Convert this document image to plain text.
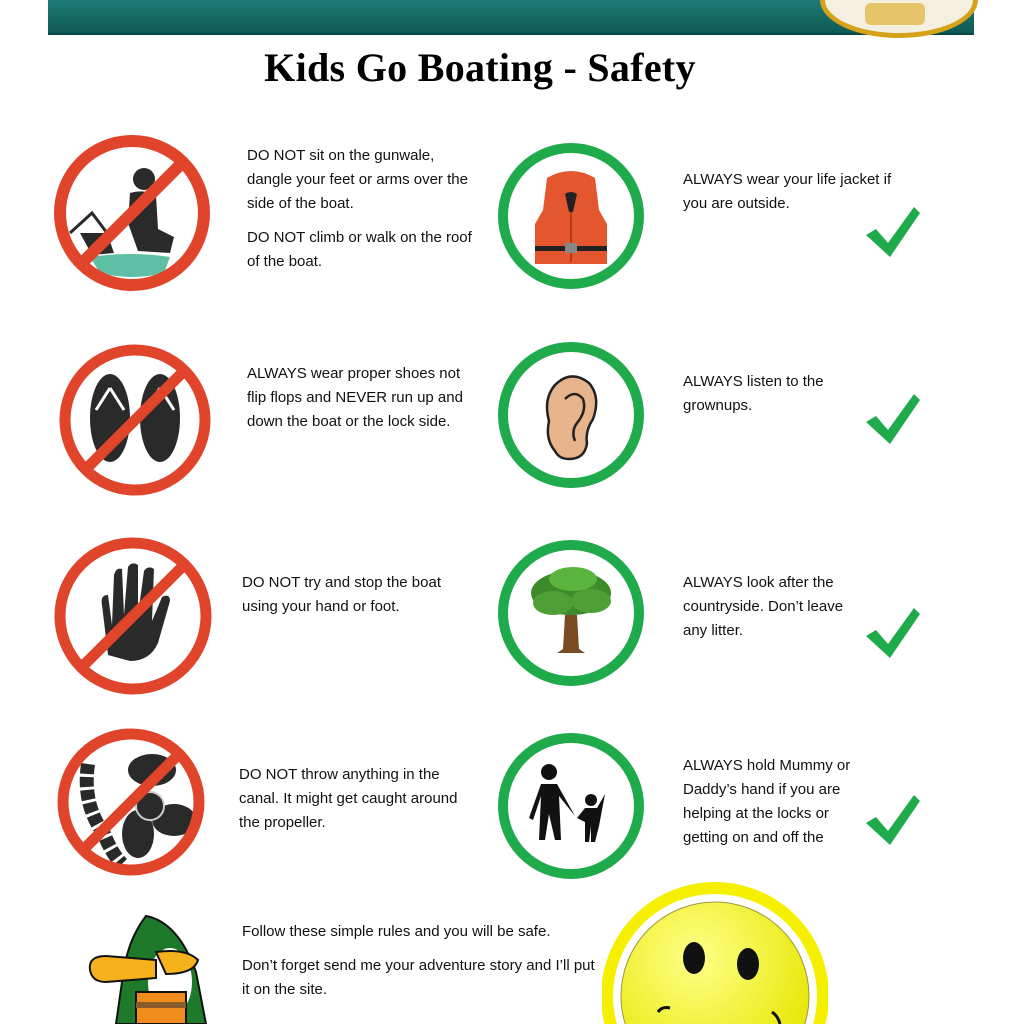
Kids Go Boating - Safety

DO NOT sit on the gunwale, dangle your feet or arms over the side of the boat.

DO NOT climb or walk on the roof of the boat.

ALWAYS wear proper shoes not flip flops and NEVER run up and down the boat or the lock side.

DO NOT try and stop the boat using your hand or foot.

DO NOT throw anything in the canal. It might get caught around the propeller.

ALWAYS wear your life jacket if you are outside.

ALWAYS listen to the grownups.

ALWAYS look after the countryside. Don’t leave any litter.

ALWAYS hold Mummy or Daddy’s hand if you are helping at the locks or getting on and off the

Follow these simple rules and you will be safe.

Don’t forget send me your adventure story and I’ll put it on the site.
